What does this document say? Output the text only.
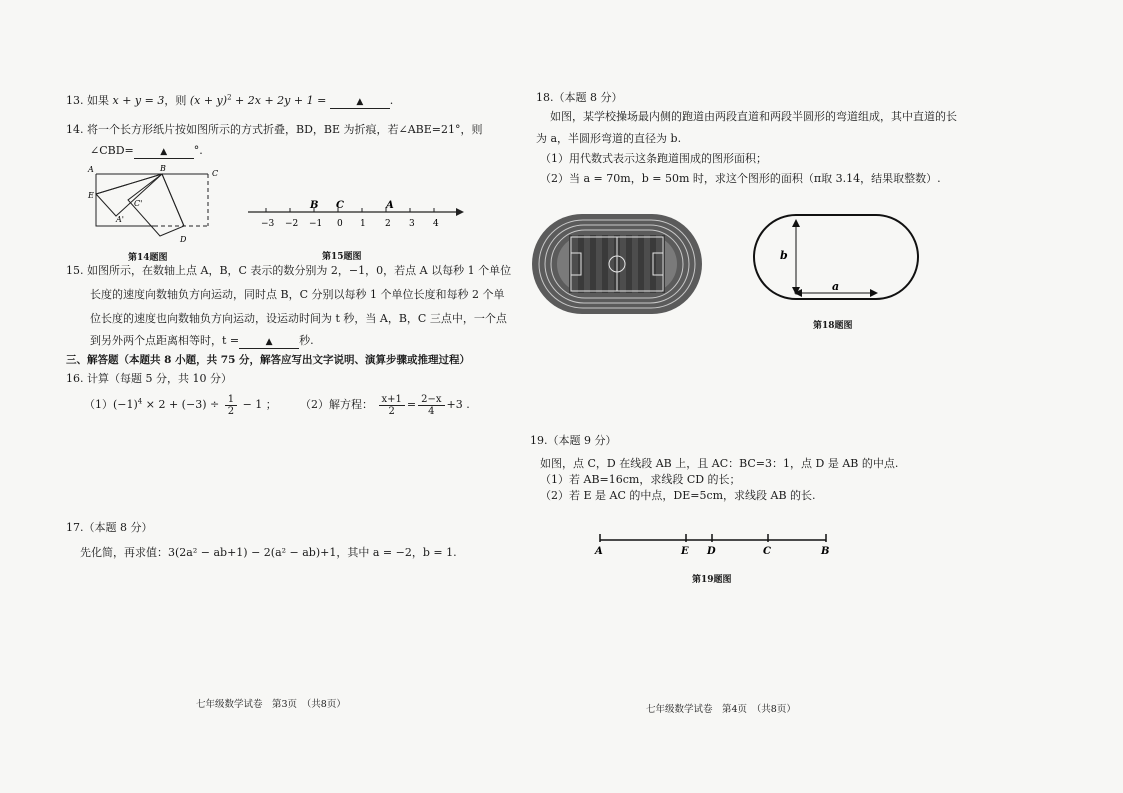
13. 如果 x + y = 3，则 $(x + y)^2 + 2x + 2y + 1$ =	▲ .
14. 将一个长方形纸片按如图所示的方式折叠，BD，BE 为折痕，若∠ABE=21°，则
∠CBD=	▲ °.
A	B
C
E
C'
A'
D
第14题图
B C	A
−3 −2 −1 0 1 2 3 4
第15题图
15. 如图所示，在数轴上点 A，B，C 表示的数分别为 2，−1，0，若点 A 以每秒 1 个单位
长度的速度向数轴负方向运动，同时点 B，C 分别以每秒 1 个单位长度和每秒 2 个单
位长度的速度也向数轴负方向运动，设运动时间为 t 秒，当 A，B，C 三点中，一个点
到另外两个点距离相等时，t =	▲ 秒.
三、解答题（本题共 8 小题，共 75 分，解答应写出文字说明、演算步骤或推理过程）
16. 计算（每题 5 分，共 10 分）
$(1)(-1)^4 \times 2 + (-3) \div \frac{1}{2} - 1$ ； （2）解方程： $\frac{x+1}{2} = \frac{2-x}{4} +3$ .
17.（本题 8 分）
先化简，再求值：3(2a² − ab+1) − 2(a² − ab)+1，其中 a = −2，b = 1.
七年级数学试卷　第3页　（共8页）
18.（本题 8 分）
如图，某学校操场最内侧的跑道由两段直道和两段半圆形的弯道组成，其中直道的长
为 a，半圆形弯道的直径为 b.
（1）用代数式表示这条跑道围成的图形面积；
（2）当 a = 70m，b = 50m 时，求这个图形的面积（π取 3.14，结果取整数）.
b
a
第18题图
19.（本题 9 分）
如图，点 C，D 在线段 AB 上，且 AC：BC=3：1，点 D 是 AB 的中点.
（1）若 AB=16cm，求线段 CD 的长；
（2）若 E 是 AC 的中点，DE=5cm，求线段 AB 的长.
A	E D	C	B
第19题图
七年级数学试卷　第4页　（共8页）
